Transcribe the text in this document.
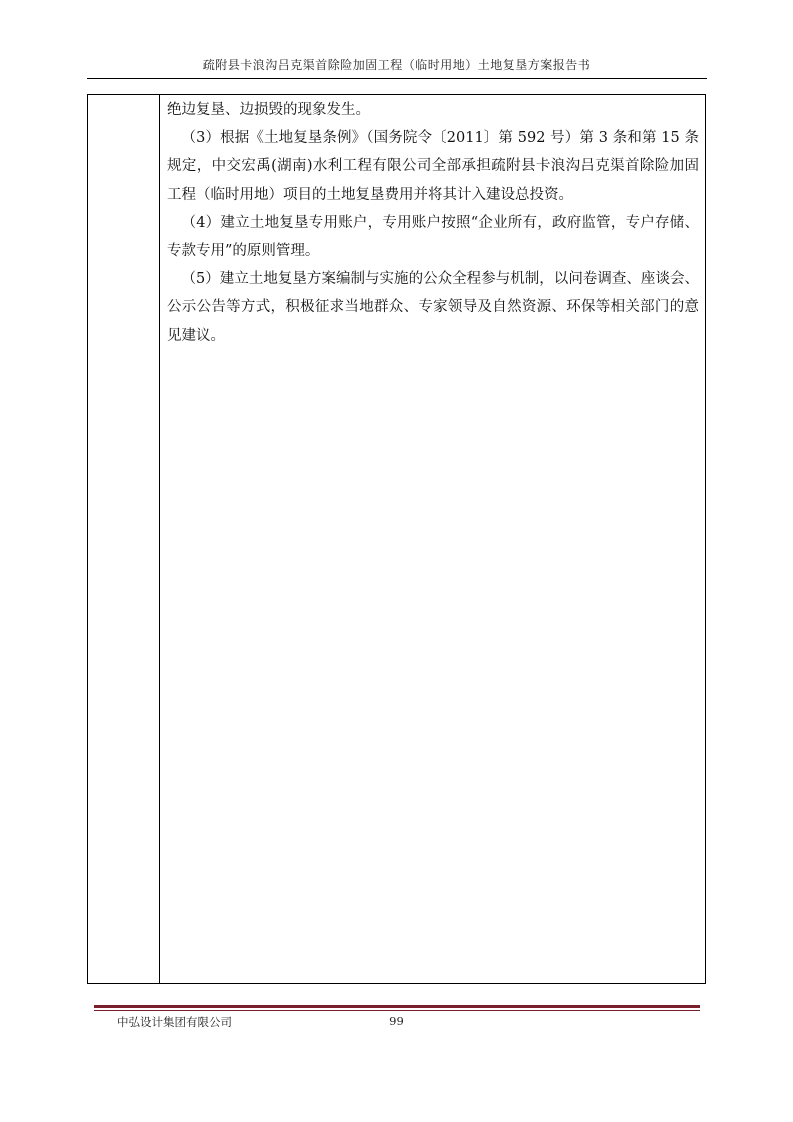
疏附县卡浪沟吕克渠首除险加固工程（临时用地）土地复垦方案报告书

绝边复垦、边损毁的现象发生。

（3）根据《土地复垦条例》（国务院令〔2011〕第 592 号）第 3 条和第 15 条规定，中交宏禹(湖南)水利工程有限公司全部承担疏附县卡浪沟吕克渠首除险加固工程（临时用地）项目的土地复垦费用并将其计入建设总投资。

（4）建立土地复垦专用账户，专用账户按照“企业所有，政府监管，专户存储、专款专用”的原则管理。

（5）建立土地复垦方案编制与实施的公众全程参与机制，以问卷调查、座谈会、公示公告等方式，积极征求当地群众、专家领导及自然资源、环保等相关部门的意见建议。

中弘设计集团有限公司	99
